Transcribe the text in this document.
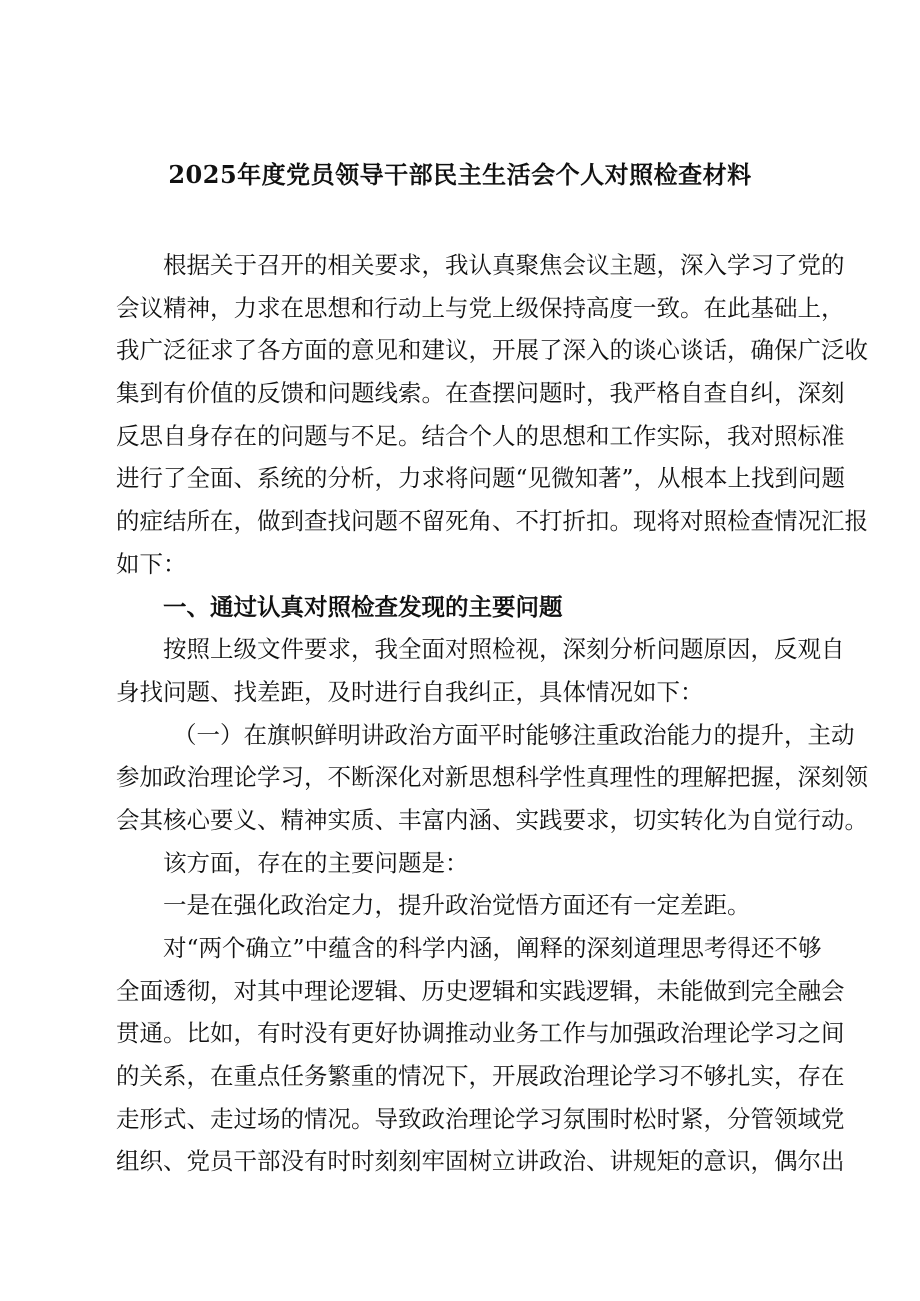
2025年度党员领导干部民主生活会个人对照检查材料
根据关于召开的相关要求，我认真聚焦会议主题，深入学习了党的
会议精神，力求在思想和行动上与党上级保持高度一致。在此基础上，
我广泛征求了各方面的意见和建议，开展了深入的谈心谈话，确保广泛收
集到有价值的反馈和问题线索。在查摆问题时，我严格自查自纠，深刻
反思自身存在的问题与不足。结合个人的思想和工作实际，我对照标准
进行了全面、系统的分析，力求将问题“见微知著”，从根本上找到问题
的症结所在，做到查找问题不留死角、不打折扣。现将对照检查情况汇报
如下：
一、通过认真对照检查发现的主要问题
按照上级文件要求，我全面对照检视，深刻分析问题原因，反观自
身找问题、找差距，及时进行自我纠正，具体情况如下：
（一）在旗帜鲜明讲政治方面平时能够注重政治能力的提升，主动
参加政治理论学习，不断深化对新思想科学性真理性的理解把握，深刻领
会其核心要义、精神实质、丰富内涵、实践要求，切实转化为自觉行动。
该方面，存在的主要问题是：
一是在强化政治定力，提升政治觉悟方面还有一定差距。
对“两个确立”中蕴含的科学内涵，阐释的深刻道理思考得还不够
全面透彻，对其中理论逻辑、历史逻辑和实践逻辑，未能做到完全融会
贯通。比如，有时没有更好协调推动业务工作与加强政治理论学习之间
的关系，在重点任务繁重的情况下，开展政治理论学习不够扎实，存在
走形式、走过场的情况。导致政治理论学习氛围时松时紧，分管领域党
组织、党员干部没有时时刻刻牢固树立讲政治、讲规矩的意识，偶尔出
